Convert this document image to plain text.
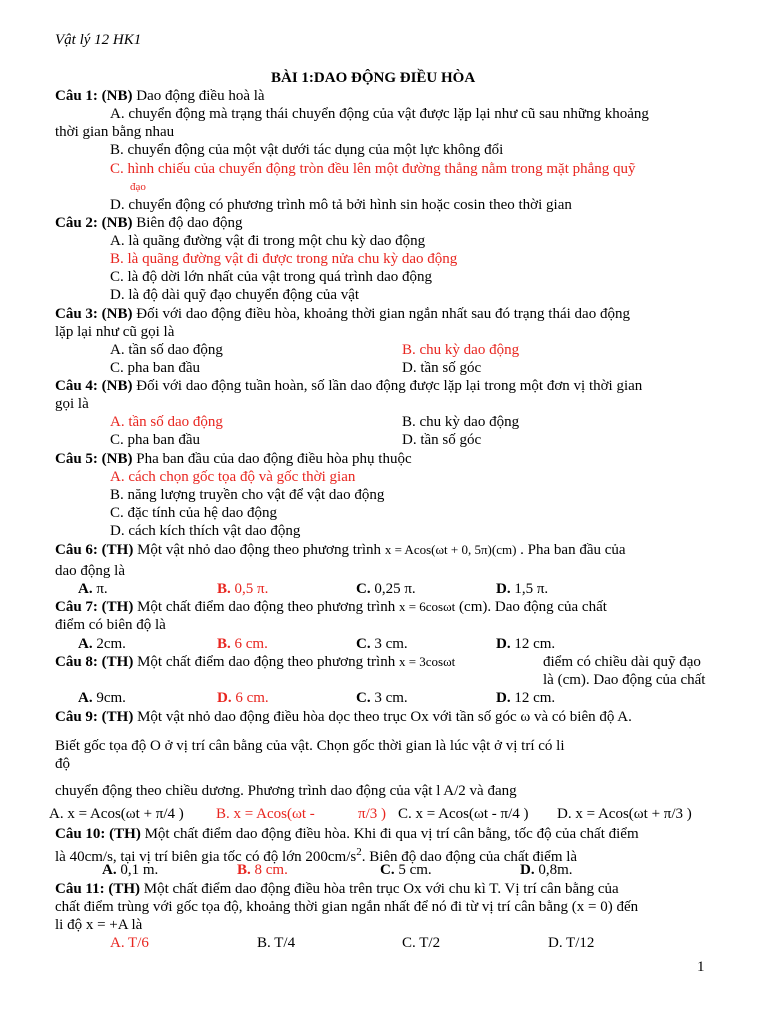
Vật lý 12 HK1
BÀI 1:DAO ĐỘNG ĐIỀU HÒA
Câu 1: (NB) Dao động điều hoà là
A. chuyển động mà trạng thái chuyển động của vật được lặp lại như cũ sau những khoảng
thời gian bằng nhau
B. chuyển động của một vật dưới tác dụng của một lực không đổi
C. hình chiếu của chuyển động tròn đều lên một đường thẳng nằm trong mặt phẳng quỹ
đạo
D. chuyển động có phương trình mô tả bởi hình sin hoặc cosin theo thời gian
Câu 2: (NB) Biên độ dao động
A. là quãng đường vật đi trong một chu kỳ dao động
B. là quãng đường vật đi được trong nửa chu kỳ dao động
C. là độ dời lớn nhất của vật trong quá trình dao động
D. là độ dài quỹ đạo chuyển động của vật
Câu 3: (NB) Đối với dao động điều hòa, khoảng thời gian ngắn nhất sau đó trạng thái dao động
lặp lại như cũ gọi là
A. tần số dao động	B. chu kỳ dao động
C. pha ban đầu	D. tần số góc
Câu 4: (NB) Đối với dao động tuần hoàn, số lần dao động được lặp lại trong một đơn vị thời gian
gọi là
A. tần số dao động	B. chu kỳ dao động
C. pha ban đầu	D. tần số góc
Câu 5: (NB) Pha ban đầu của dao động điều hòa phụ thuộc
A. cách chọn gốc tọa độ và gốc thời gian
B. năng lượng truyền cho vật để vật dao động
C. đặc tính của hệ dao động
D. cách kích thích vật dao động
Câu 6: (TH) Một vật nhỏ dao động theo phương trình x = Acos(ωt + 0, 5π)(cm) . Pha ban đầu của
dao động là
A. π.	B. 0,5 π.	C. 0,25 π.	D. 1,5 π.
Câu 7: (TH) Một chất điểm dao động theo phương trình x = 6cosωt (cm). Dao động của chất
điểm có biên độ là
A. 2cm.	B. 6 cm.	C. 3 cm.	D. 12 cm.
Câu 8: (TH) Một chất điểm dao động theo phương trình x = 3cosωt	điểm có chiều dài quỹ đạo
là (cm). Dao động của chất
A. 9cm.	D. 6 cm.	C. 3 cm.	D. 12 cm.
Câu 9: (TH) Một vật nhỏ dao động điều hòa dọc theo trục Ox với tần số góc ω và có biên độ A.
Biết gốc tọa độ O ở vị trí cân bằng của vật. Chọn gốc thời gian là lúc vật ở vị trí có li
độ
chuyển động theo chiều dương. Phương trình dao động của vật l A/2 và đang
A. x = Acos(ωt + π/4 ) B. x = Acos(ωt -	π/3 ) C. x = Acos(ωt - π/4 ) D. x = Acos(ωt + π/3 )
Câu 10: (TH) Một chất điểm dao động điều hòa. Khi đi qua vị trí cân bằng, tốc độ của chất điểm
là 40cm/s, tại vị trí biên gia tốc có độ lớn $200cm/s^2$. Biên độ dao động của chất điểm là
A. 0,1 m.	B. 8 cm.	C. 5 cm.	D. 0,8m.
Câu 11: (TH) Một chất điểm dao động điều hòa trên trục Ox với chu kì T. Vị trí cân bằng của
chất điểm trùng với gốc tọa độ, khoảng thời gian ngắn nhất để nó đi từ vị trí cân bằng (x = 0) đến
li độ x = +A là
A. T/6	B. T/4	C. T/2	D. T/12
1
